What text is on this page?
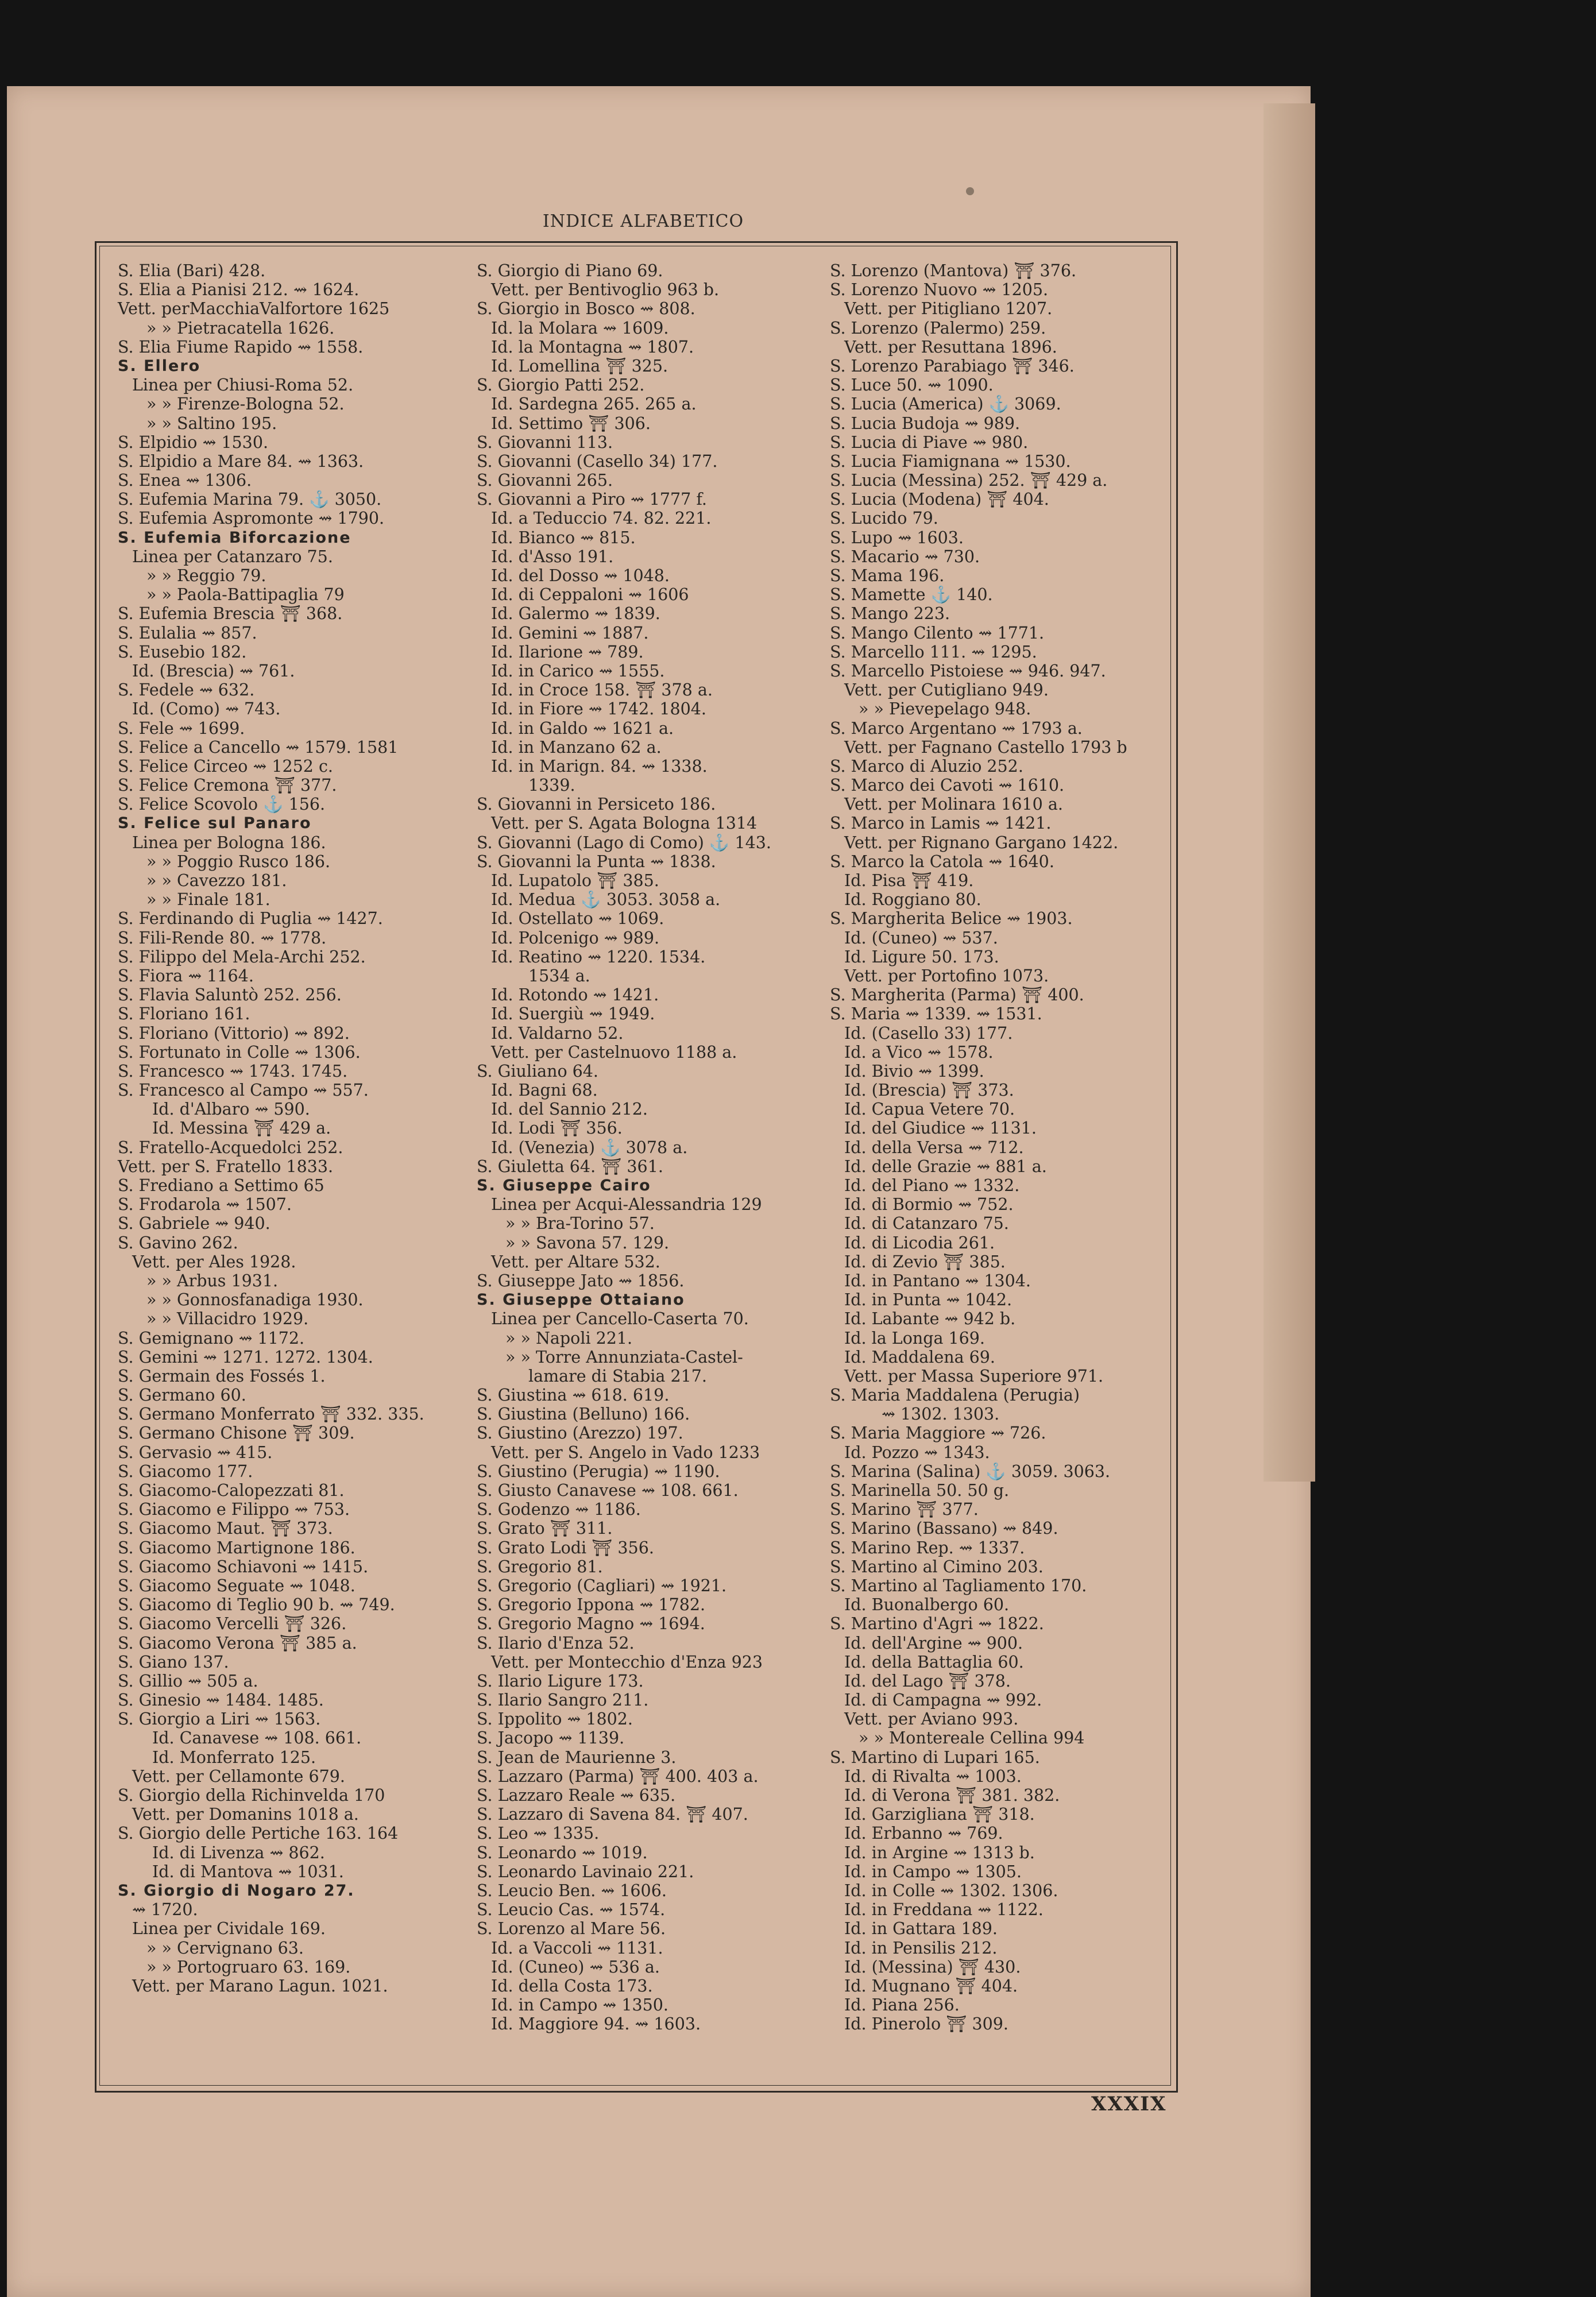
INDICE ALFABETICO
S. Elia (Bari) 428.
S. Elia a Pianisi 212. ⇝ 1624.
Vett. perMacchiaValfortore 1625
» » Pietracatella 1626.
S. Elia Fiume Rapido ⇝ 1558.
S. Ellero
Linea per Chiusi-Roma 52.
» » Firenze-Bologna 52.
» » Saltino 195.
S. Elpidio ⇝ 1530.
S. Elpidio a Mare 84. ⇝ 1363.
S. Enea ⇝ 1306.
S. Eufemia Marina 79. ⚓ 3050.
S. Eufemia Aspromonte ⇝ 1790.
S. Eufemia Biforcazione
Linea per Catanzaro 75.
» » Reggio 79.
» » Paola-Battipaglia 79
S. Eufemia Brescia ⛩ 368.
S. Eulalia ⇝ 857.
S. Eusebio 182.
Id. (Brescia) ⇝ 761.
S. Fedele ⇝ 632.
Id. (Como) ⇝ 743.
S. Fele ⇝ 1699.
S. Felice a Cancello ⇝ 1579. 1581
S. Felice Circeo ⇝ 1252 c.
S. Felice Cremona ⛩ 377.
S. Felice Scovolo ⚓ 156.
S. Felice sul Panaro
Linea per Bologna 186.
» » Poggio Rusco 186.
» » Cavezzo 181.
» » Finale 181.
S. Ferdinando di Puglia ⇝ 1427.
S. Fili-Rende 80. ⇝ 1778.
S. Filippo del Mela-Archi 252.
S. Fiora ⇝ 1164.
S. Flavia Saluntò 252. 256.
S. Floriano 161.
S. Floriano (Vittorio) ⇝ 892.
S. Fortunato in Colle ⇝ 1306.
S. Francesco ⇝ 1743. 1745.
S. Francesco al Campo ⇝ 557.
Id. d'Albaro ⇝ 590.
Id. Messina ⛩ 429 a.
S. Fratello-Acquedolci 252.
Vett. per S. Fratello 1833.
S. Frediano a Settimo 65
S. Frodarola ⇝ 1507.
S. Gabriele ⇝ 940.
S. Gavino 262.
Vett. per Ales 1928.
» » Arbus 1931.
» » Gonnosfanadiga 1930.
» » Villacidro 1929.
S. Gemignano ⇝ 1172.
S. Gemini ⇝ 1271. 1272. 1304.
S. Germain des Fossés 1.
S. Germano 60.
S. Germano Monferrato ⛩ 332. 335.
S. Germano Chisone ⛩ 309.
S. Gervasio ⇝ 415.
S. Giacomo 177.
S. Giacomo-Calopezzati 81.
S. Giacomo e Filippo ⇝ 753.
S. Giacomo Maut. ⛩ 373.
S. Giacomo Martignone 186.
S. Giacomo Schiavoni ⇝ 1415.
S. Giacomo Seguate ⇝ 1048.
S. Giacomo di Teglio 90 b. ⇝ 749.
S. Giacomo Vercelli ⛩ 326.
S. Giacomo Verona ⛩ 385 a.
S. Giano 137.
S. Gillio ⇝ 505 a.
S. Ginesio ⇝ 1484. 1485.
S. Giorgio a Liri ⇝ 1563.
Id. Canavese ⇝ 108. 661.
Id. Monferrato 125.
Vett. per Cellamonte 679.
S. Giorgio della Richinvelda 170
Vett. per Domanins 1018 a.
S. Giorgio delle Pertiche 163. 164
Id. di Livenza ⇝ 862.
Id. di Mantova ⇝ 1031.
S. Giorgio di Nogaro 27.
⇝ 1720.
Linea per Cividale 169.
» » Cervignano 63.
» » Portogruaro 63. 169.
Vett. per Marano Lagun. 1021.
S. Giorgio di Piano 69.
Vett. per Bentivoglio 963 b.
S. Giorgio in Bosco ⇝ 808.
Id. la Molara ⇝ 1609.
Id. la Montagna ⇝ 1807.
Id. Lomellina ⛩ 325.
S. Giorgio Patti 252.
Id. Sardegna 265. 265 a.
Id. Settimo ⛩ 306.
S. Giovanni 113.
S. Giovanni (Casello 34) 177.
S. Giovanni 265.
S. Giovanni a Piro ⇝ 1777 f.
Id. a Teduccio 74. 82. 221.
Id. Bianco ⇝ 815.
Id. d'Asso 191.
Id. del Dosso ⇝ 1048.
Id. di Ceppaloni ⇝ 1606
Id. Galermo ⇝ 1839.
Id. Gemini ⇝ 1887.
Id. Ilarione ⇝ 789.
Id. in Carico ⇝ 1555.
Id. in Croce 158. ⛩ 378 a.
Id. in Fiore ⇝ 1742. 1804.
Id. in Galdo ⇝ 1621 a.
Id. in Manzano 62 a.
Id. in Marign. 84. ⇝ 1338.
1339.
S. Giovanni in Persiceto 186.
Vett. per S. Agata Bologna 1314
S. Giovanni (Lago di Como) ⚓ 143.
S. Giovanni la Punta ⇝ 1838.
Id. Lupatolo ⛩ 385.
Id. Medua ⚓ 3053. 3058 a.
Id. Ostellato ⇝ 1069.
Id. Polcenigo ⇝ 989.
Id. Reatino ⇝ 1220. 1534.
1534 a.
Id. Rotondo ⇝ 1421.
Id. Suergiù ⇝ 1949.
Id. Valdarno 52.
Vett. per Castelnuovo 1188 a.
S. Giuliano 64.
Id. Bagni 68.
Id. del Sannio 212.
Id. Lodi ⛩ 356.
Id. (Venezia) ⚓ 3078 a.
S. Giuletta 64. ⛩ 361.
S. Giuseppe Cairo
Linea per Acqui-Alessandria 129
» » Bra-Torino 57.
» » Savona 57. 129.
Vett. per Altare 532.
S. Giuseppe Jato ⇝ 1856.
S. Giuseppe Ottaiano
Linea per Cancello-Caserta 70.
» » Napoli 221.
» » Torre Annunziata-Castel-
lamare di Stabia 217.
S. Giustina ⇝ 618. 619.
S. Giustina (Belluno) 166.
S. Giustino (Arezzo) 197.
Vett. per S. Angelo in Vado 1233
S. Giustino (Perugia) ⇝ 1190.
S. Giusto Canavese ⇝ 108. 661.
S. Godenzo ⇝ 1186.
S. Grato ⛩ 311.
S. Grato Lodi ⛩ 356.
S. Gregorio 81.
S. Gregorio (Cagliari) ⇝ 1921.
S. Gregorio Ippona ⇝ 1782.
S. Gregorio Magno ⇝ 1694.
S. Ilario d'Enza 52.
Vett. per Montecchio d'Enza 923
S. Ilario Ligure 173.
S. Ilario Sangro 211.
S. Ippolito ⇝ 1802.
S. Jacopo ⇝ 1139.
S. Jean de Maurienne 3.
S. Lazzaro (Parma) ⛩ 400. 403 a.
S. Lazzaro Reale ⇝ 635.
S. Lazzaro di Savena 84. ⛩ 407.
S. Leo ⇝ 1335.
S. Leonardo ⇝ 1019.
S. Leonardo Lavinaio 221.
S. Leucio Ben. ⇝ 1606.
S. Leucio Cas. ⇝ 1574.
S. Lorenzo al Mare 56.
Id. a Vaccoli ⇝ 1131.
Id. (Cuneo) ⇝ 536 a.
Id. della Costa 173.
Id. in Campo ⇝ 1350.
Id. Maggiore 94. ⇝ 1603.
S. Lorenzo (Mantova) ⛩ 376.
S. Lorenzo Nuovo ⇝ 1205.
Vett. per Pitigliano 1207.
S. Lorenzo (Palermo) 259.
Vett. per Resuttana 1896.
S. Lorenzo Parabiago ⛩ 346.
S. Luce 50. ⇝ 1090.
S. Lucia (America) ⚓ 3069.
S. Lucia Budoja ⇝ 989.
S. Lucia di Piave ⇝ 980.
S. Lucia Fiamignana ⇝ 1530.
S. Lucia (Messina) 252. ⛩ 429 a.
S. Lucia (Modena) ⛩ 404.
S. Lucido 79.
S. Lupo ⇝ 1603.
S. Macario ⇝ 730.
S. Mama 196.
S. Mamette ⚓ 140.
S. Mango 223.
S. Mango Cilento ⇝ 1771.
S. Marcello 111. ⇝ 1295.
S. Marcello Pistoiese ⇝ 946. 947.
Vett. per Cutigliano 949.
» » Pievepelago 948.
S. Marco Argentano ⇝ 1793 a.
Vett. per Fagnano Castello 1793 b
S. Marco di Aluzio 252.
S. Marco dei Cavoti ⇝ 1610.
Vett. per Molinara 1610 a.
S. Marco in Lamis ⇝ 1421.
Vett. per Rignano Gargano 1422.
S. Marco la Catola ⇝ 1640.
Id. Pisa ⛩ 419.
Id. Roggiano 80.
S. Margherita Belice ⇝ 1903.
Id. (Cuneo) ⇝ 537.
Id. Ligure 50. 173.
Vett. per Portofino 1073.
S. Margherita (Parma) ⛩ 400.
S. Maria ⇝ 1339. ⇝ 1531.
Id. (Casello 33) 177.
Id. a Vico ⇝ 1578.
Id. Bivio ⇝ 1399.
Id. (Brescia) ⛩ 373.
Id. Capua Vetere 70.
Id. del Giudice ⇝ 1131.
Id. della Versa ⇝ 712.
Id. delle Grazie ⇝ 881 a.
Id. del Piano ⇝ 1332.
Id. di Bormio ⇝ 752.
Id. di Catanzaro 75.
Id. di Licodia 261.
Id. di Zevio ⛩ 385.
Id. in Pantano ⇝ 1304.
Id. in Punta ⇝ 1042.
Id. Labante ⇝ 942 b.
Id. la Longa 169.
Id. Maddalena 69.
Vett. per Massa Superiore 971.
S. Maria Maddalena (Perugia)
⇝ 1302. 1303.
S. Maria Maggiore ⇝ 726.
Id. Pozzo ⇝ 1343.
S. Marina (Salina) ⚓ 3059. 3063.
S. Marinella 50. 50 g.
S. Marino ⛩ 377.
S. Marino (Bassano) ⇝ 849.
S. Marino Rep. ⇝ 1337.
S. Martino al Cimino 203.
S. Martino al Tagliamento 170.
Id. Buonalbergo 60.
S. Martino d'Agri ⇝ 1822.
Id. dell'Argine ⇝ 900.
Id. della Battaglia 60.
Id. del Lago ⛩ 378.
Id. di Campagna ⇝ 992.
Vett. per Aviano 993.
» » Montereale Cellina 994
S. Martino di Lupari 165.
Id. di Rivalta ⇝ 1003.
Id. di Verona ⛩ 381. 382.
Id. Garzigliana ⛩ 318.
Id. Erbanno ⇝ 769.
Id. in Argine ⇝ 1313 b.
Id. in Campo ⇝ 1305.
Id. in Colle ⇝ 1302. 1306.
Id. in Freddana ⇝ 1122.
Id. in Gattara 189.
Id. in Pensilis 212.
Id. (Messina) ⛩ 430.
Id. Mugnano ⛩ 404.
Id. Piana 256.
Id. Pinerolo ⛩ 309.
XXXIX
